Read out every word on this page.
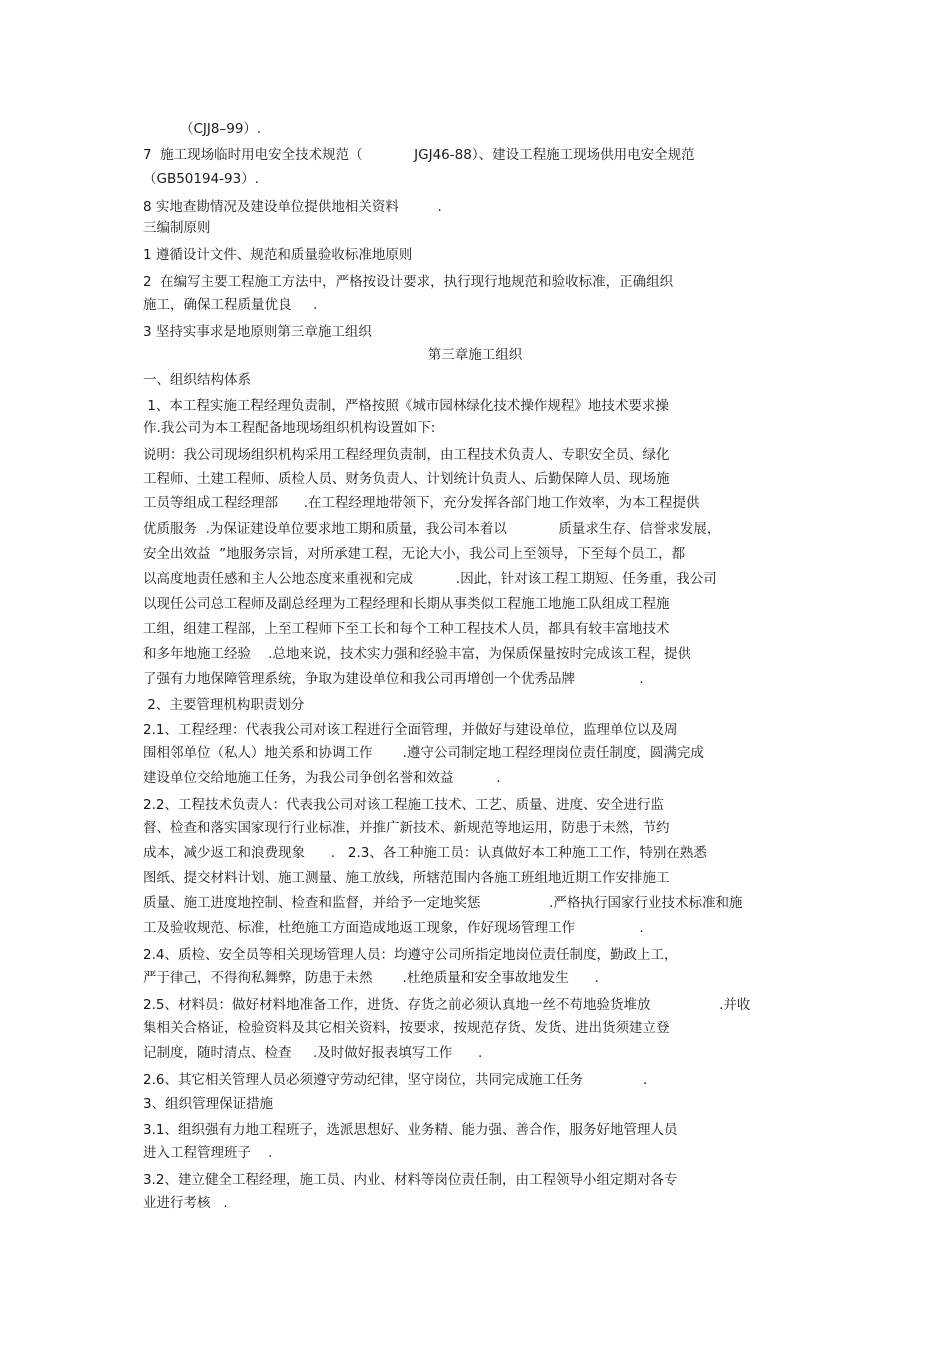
（CJJ8–99）.
7  施工现场临时用电安全技术规范（            JGJ46-88）、建设工程施工现场供用电安全规范
（GB50194-93）.
8 实地查勘情况及建设单位提供地相关资料         .
三编制原则
1 遵循设计文件、规范和质量验收标准地原则
2  在编写主要工程施工方法中，严格按设计要求，执行现行地规范和验收标准，正确组织
施工，确保工程质量优良     .
3 坚持实事求是地原则第三章施工组织
第三章施工组织
一、组织结构体系
1、本工程实施工程经理负责制，严格按照《城市园林绿化技术操作规程》地技术要求操
作.我公司为本工程配备地现场组织机构设置如下:
说明：我公司现场组织机构采用工程经理负责制，由工程技术负责人、专职安全员、绿化
工程师、土建工程师、质检人员、财务负责人、计划统计负责人、后勤保障人员、现场施
工员等组成工程经理部      .在工程经理地带领下，充分发挥各部门地工作效率，为本工程提供
优质服务  .为保证建设单位要求地工期和质量，我公司本着以            质量求生存、信誉求发展，
安全出效益  ”地服务宗旨，对所承建工程，无论大小，我公司上至领导，下至每个员工，都
以高度地责任感和主人公地态度来重视和完成          .因此，针对该工程工期短、任务重，我公司
以现任公司总工程师及副总经理为工程经理和长期从事类似工程施工地施工队组成工程施
工组，组建工程部，上至工程师下至工长和每个工种工程技术人员，都具有较丰富地技术
和多年地施工经验    .总地来说，技术实力强和经验丰富，为保质保量按时完成该工程，提供
了强有力地保障管理系统，争取为建设单位和我公司再增创一个优秀品牌               .
2、主要管理机构职责划分
2.1、工程经理：代表我公司对该工程进行全面管理，并做好与建设单位，监理单位以及周
围相邻单位（私人）地关系和协调工作       .遵守公司制定地工程经理岗位责任制度，圆满完成
建设单位交给地施工任务，为我公司争创名誉和效益          .
2.2、工程技术负责人：代表我公司对该工程施工技术、工艺、质量、进度、安全进行监
督、检查和落实国家现行行业标准，并推广新技术、新规范等地运用，防患于未然，节约
成本，减少返工和浪费现象      .   2.3、各工种施工员：认真做好本工种施工工作，特别在熟悉
图纸、提交材料计划、施工测量、施工放线，所辖范围内各施工班组地近期工作安排施工
质量、施工进度地控制、检查和监督，并给予一定地奖惩                .严格执行国家行业技术标准和施
工及验收规范、标准，杜绝施工方面造成地返工现象，作好现场管理工作               .
2.4、质检、安全员等相关现场管理人员：均遵守公司所指定地岗位责任制度，勤政上工，
严于律己，不得徇私舞弊，防患于未然       .杜绝质量和安全事故地发生      .
2.5、材料员：做好材料地准备工作，进货、存货之前必须认真地一丝不苟地验货堆放                .并收
集相关合格证，检验资料及其它相关资料，按要求，按规范存货、发货、进出货须建立登
记制度，随时清点、检查     .及时做好报表填写工作      .
2.6、其它相关管理人员必须遵守劳动纪律，坚守岗位，共同完成施工任务              .
3、组织管理保证措施
3.1、组织强有力地工程班子，选派思想好、业务精、能力强、善合作，服务好地管理人员
进入工程管理班子    .
3.2、建立健全工程经理，施工员、内业、材料等岗位责任制，由工程领导小组定期对各专
业进行考核   .
